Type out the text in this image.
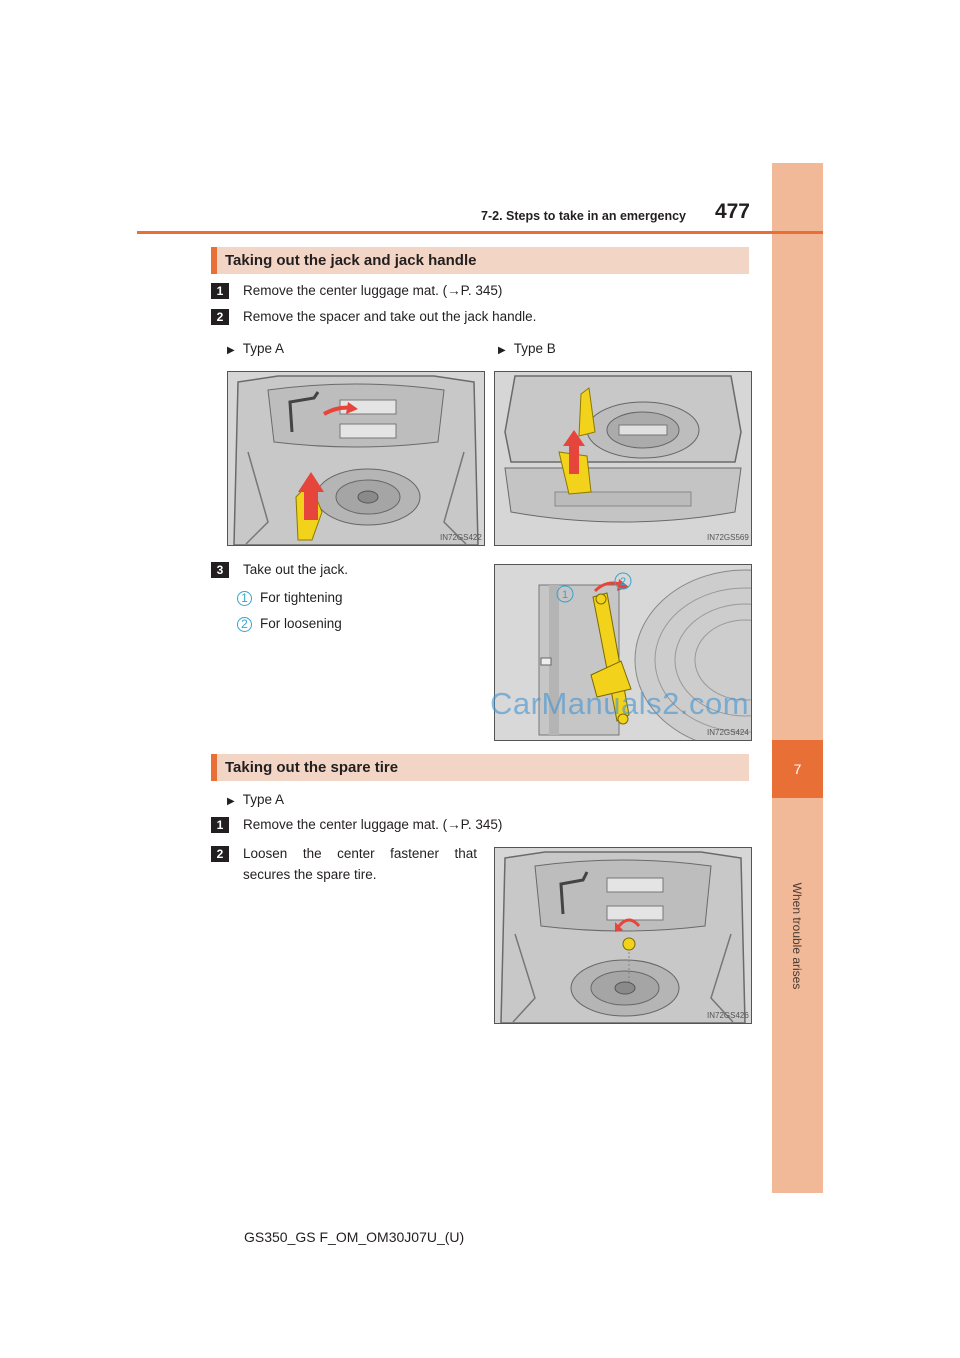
7
When trouble arises
7-2. Steps to take in an emergency	477
Taking out the jack and jack handle
1	Remove the center luggage mat. (→P. 345)
2	Remove the spacer and take out the jack handle.
▶ Type A	▶ Type B
IN72GS422	IN72GS569
3	Take out the jack.
1 For tightening
2 For loosening
1
2
IN72GS424
CarManuals2.com
Taking out the spare tire
▶ Type A
1	Remove the center luggage mat. (→P. 345)
2	Loosen the center fastener that secures the spare tire.
IN72GS426
GS350_GS F_OM_OM30J07U_(U)
